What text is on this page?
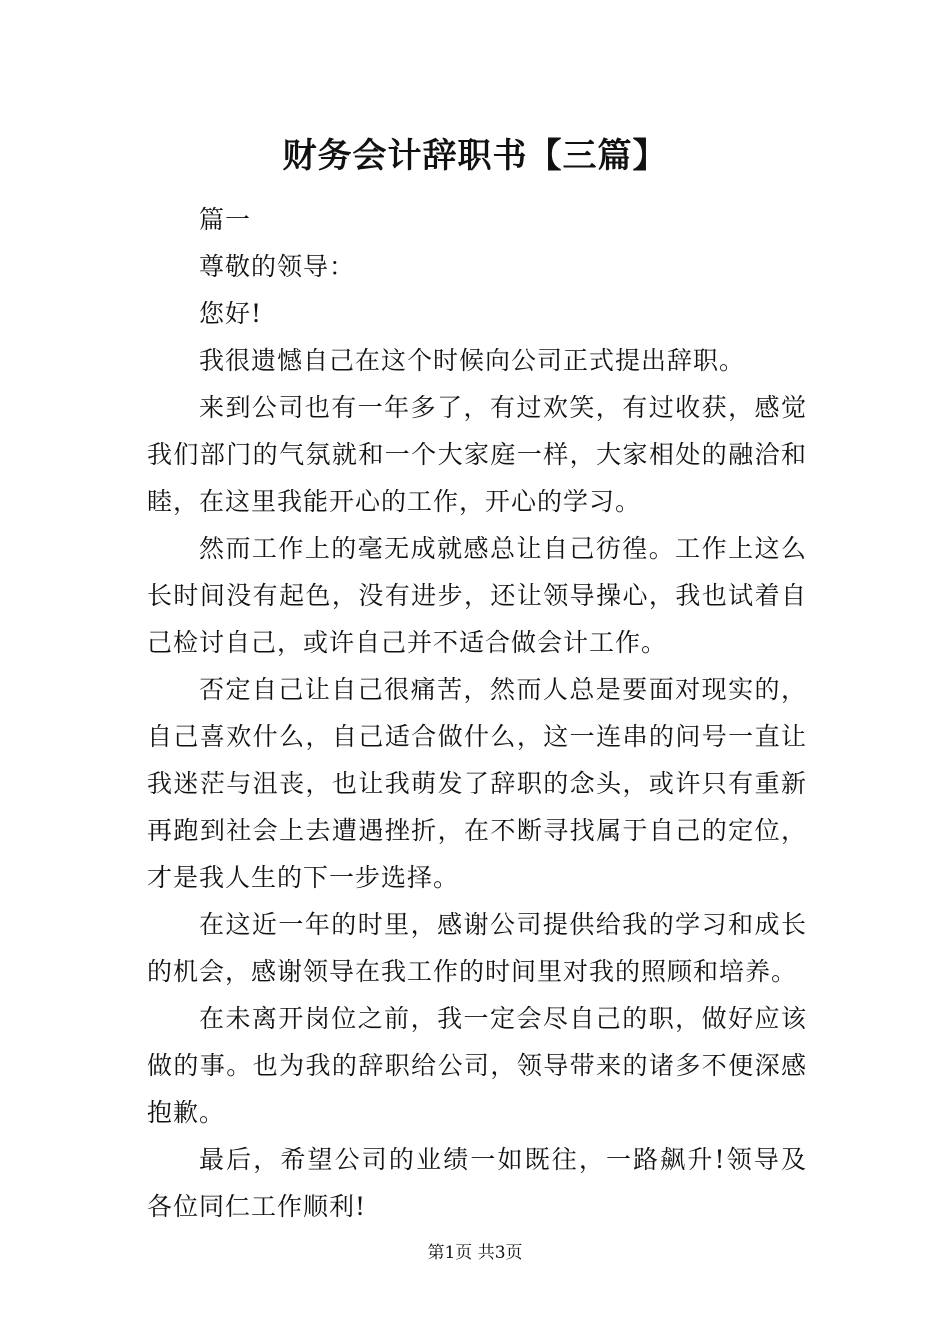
财务会计辞职书【三篇】

篇一

尊敬的领导：

您好!

我很遗憾自己在这个时候向公司正式提出辞职。

来到公司也有一年多了，有过欢笑，有过收获，感觉我们部门的气氛就和一个大家庭一样，大家相处的融洽和睦，在这里我能开心的工作，开心的学习。

然而工作上的毫无成就感总让自己彷徨。工作上这么长时间没有起色，没有进步，还让领导操心，我也试着自己检讨自己，或许自己并不适合做会计工作。

否定自己让自己很痛苦，然而人总是要面对现实的，自己喜欢什么，自己适合做什么，这一连串的问号一直让我迷茫与沮丧，也让我萌发了辞职的念头，或许只有重新再跑到社会上去遭遇挫折，在不断寻找属于自己的定位，才是我人生的下一步选择。

在这近一年的时里，感谢公司提供给我的学习和成长的机会，感谢领导在我工作的时间里对我的照顾和培养。

在未离开岗位之前，我一定会尽自己的职，做好应该做的事。也为我的辞职给公司，领导带来的诸多不便深感抱歉。

最后，希望公司的业绩一如既往，一路飙升!领导及各位同仁工作顺利!

第1页 共3页
